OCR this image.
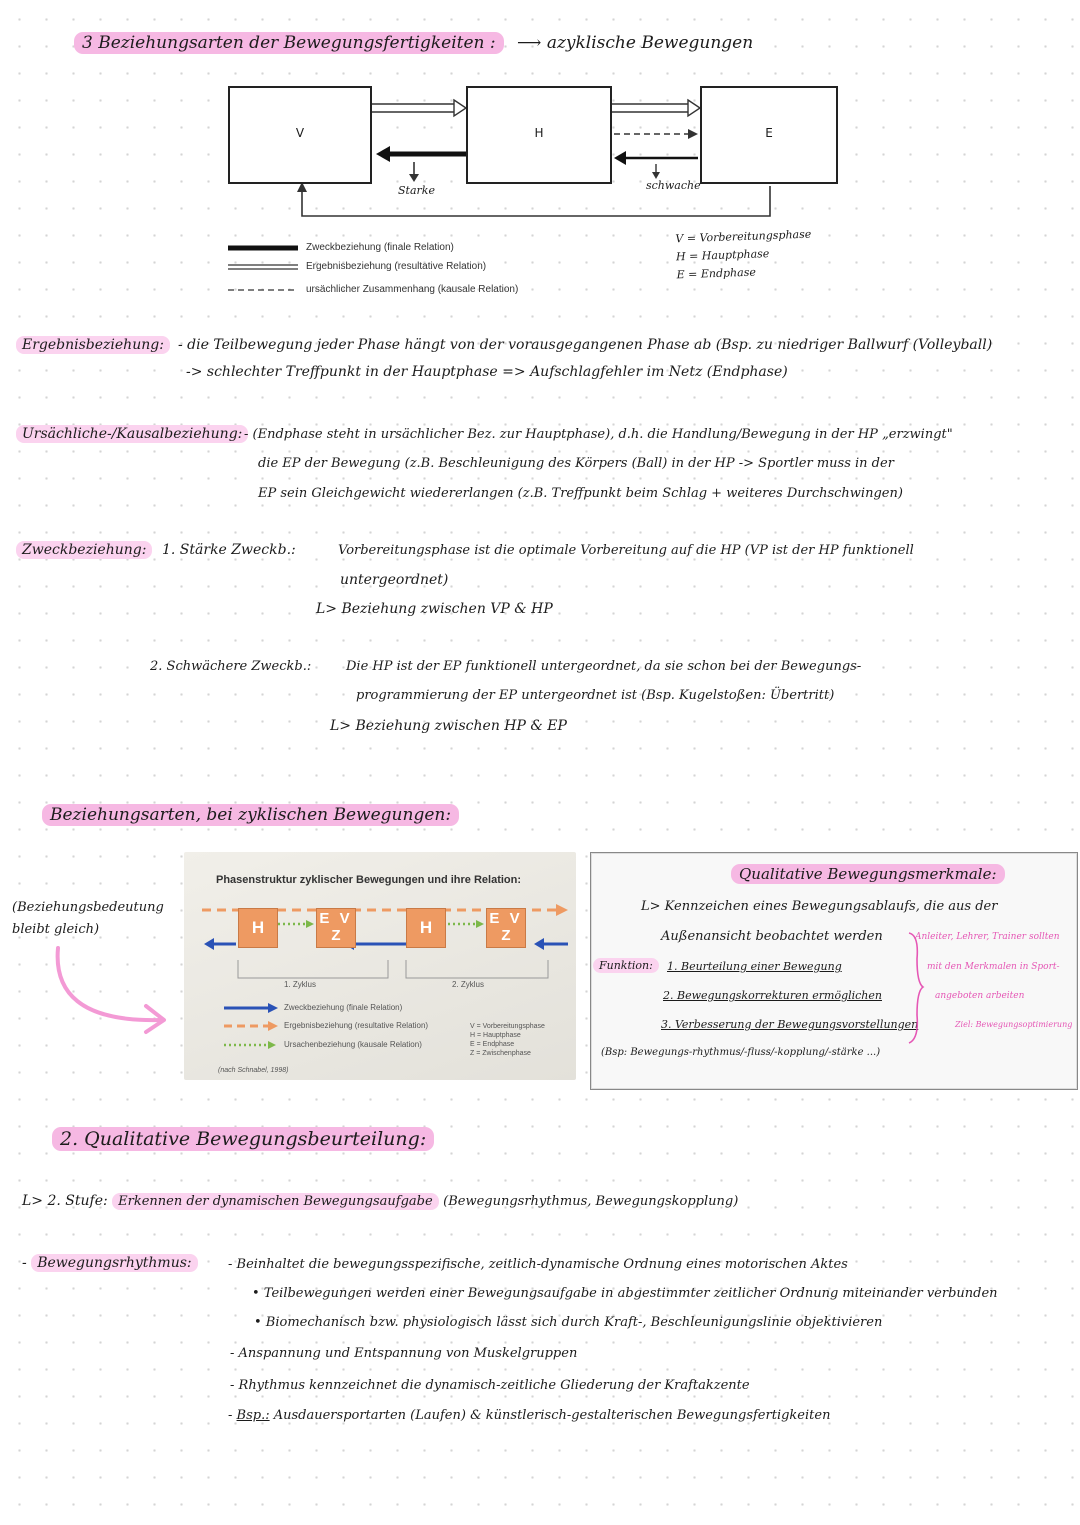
3 Beziehungsarten der Bewegungsfertigkeiten : ⟶ azyklische Bewegungen
V	H	E
Starke	schwache
Zweckbeziehung (finale Relation)
Ergebnisbeziehung (resultative Relation)
ursächlicher Zusammenhang (kausale Relation)
V = Vorbereitungsphase
H = Hauptphase
E = Endphase
Ergebnisbeziehung:	- die Teilbewegung jeder Phase hängt von der vorausgegangenen Phase ab (Bsp. zu niedriger Ballwurf (Volleyball)
-> schlechter Treffpunkt in der Hauptphase => Aufschlagfehler im Netz (Endphase)
Ursächliche-/Kausalbeziehung: - (Endphase steht in ursächlicher Bez. zur Hauptphase), d.h. die Handlung/Bewegung in der HP „erzwingt"
die EP der Bewegung (z.B. Beschleunigung des Körpers (Ball) in der HP -> Sportler muss in der
EP sein Gleichgewicht wiedererlangen (z.B. Treffpunkt beim Schlag + weiteres Durchschwingen)
Zweckbeziehung:	1. Stärke Zweckb.:	Vorbereitungsphase ist die optimale Vorbereitung auf die HP (VP ist der HP funktionell
untergeordnet)
L> Beziehung zwischen VP & HP
2. Schwächere Zweckb.:	Die HP ist der EP funktionell untergeordnet, da sie schon bei der Bewegungs-
programmierung der EP untergeordnet ist (Bsp. Kugelstoßen: Übertritt)
L> Beziehung zwischen HP & EP
Beziehungsarten, bei zyklischen Bewegungen:
(Beziehungsbedeutung
bleibt gleich)
Phasenstruktur zyklischer Bewegungen und ihre Relation:
H	E V
Z	H	E V
Z
1. Zyklus	2. Zyklus
Zweckbeziehung (finale Relation)
Ergebnisbeziehung (resultative Relation)
Ursachenbeziehung (kausale Relation)
V = Vorbereitungsphase
H = Hauptphase
E = Endphase
Z = Zwischenphase
(nach Schnabel, 1998)
Qualitative Bewegungsmerkmale:
L> Kennzeichen eines Bewegungsablaufs, die aus der
Außenansicht beobachtet werden
Funktion:	1. Beurteilung einer Bewegung
2. Bewegungskorrekturen ermöglichen
3. Verbesserung der Bewegungsvorstellungen
(Bsp: Bewegungs-rhythmus/-fluss/-kopplung/-stärke ...)
Anleiter, Lehrer, Trainer sollten
mit den Merkmalen in Sport-
angeboten arbeiten
Ziel: Bewegungsoptimierung
2. Qualitative Bewegungsbeurteilung:
L> 2. Stufe: Erkennen der dynamischen Bewegungsaufgabe (Bewegungsrhythmus, Bewegungskopplung)
- Bewegungsrhythmus:	- Beinhaltet die bewegungsspezifische, zeitlich-dynamische Ordnung eines motorischen Aktes
• Teilbewegungen werden einer Bewegungsaufgabe in abgestimmter zeitlicher Ordnung miteinander verbunden
• Biomechanisch bzw. physiologisch lässt sich durch Kraft-, Beschleunigungslinie objektivieren
- Anspannung und Entspannung von Muskelgruppen
- Rhythmus kennzeichnet die dynamisch-zeitliche Gliederung der Kraftakzente
- Bsp.: Ausdauersportarten (Laufen) & künstlerisch-gestalterischen Bewegungsfertigkeiten
